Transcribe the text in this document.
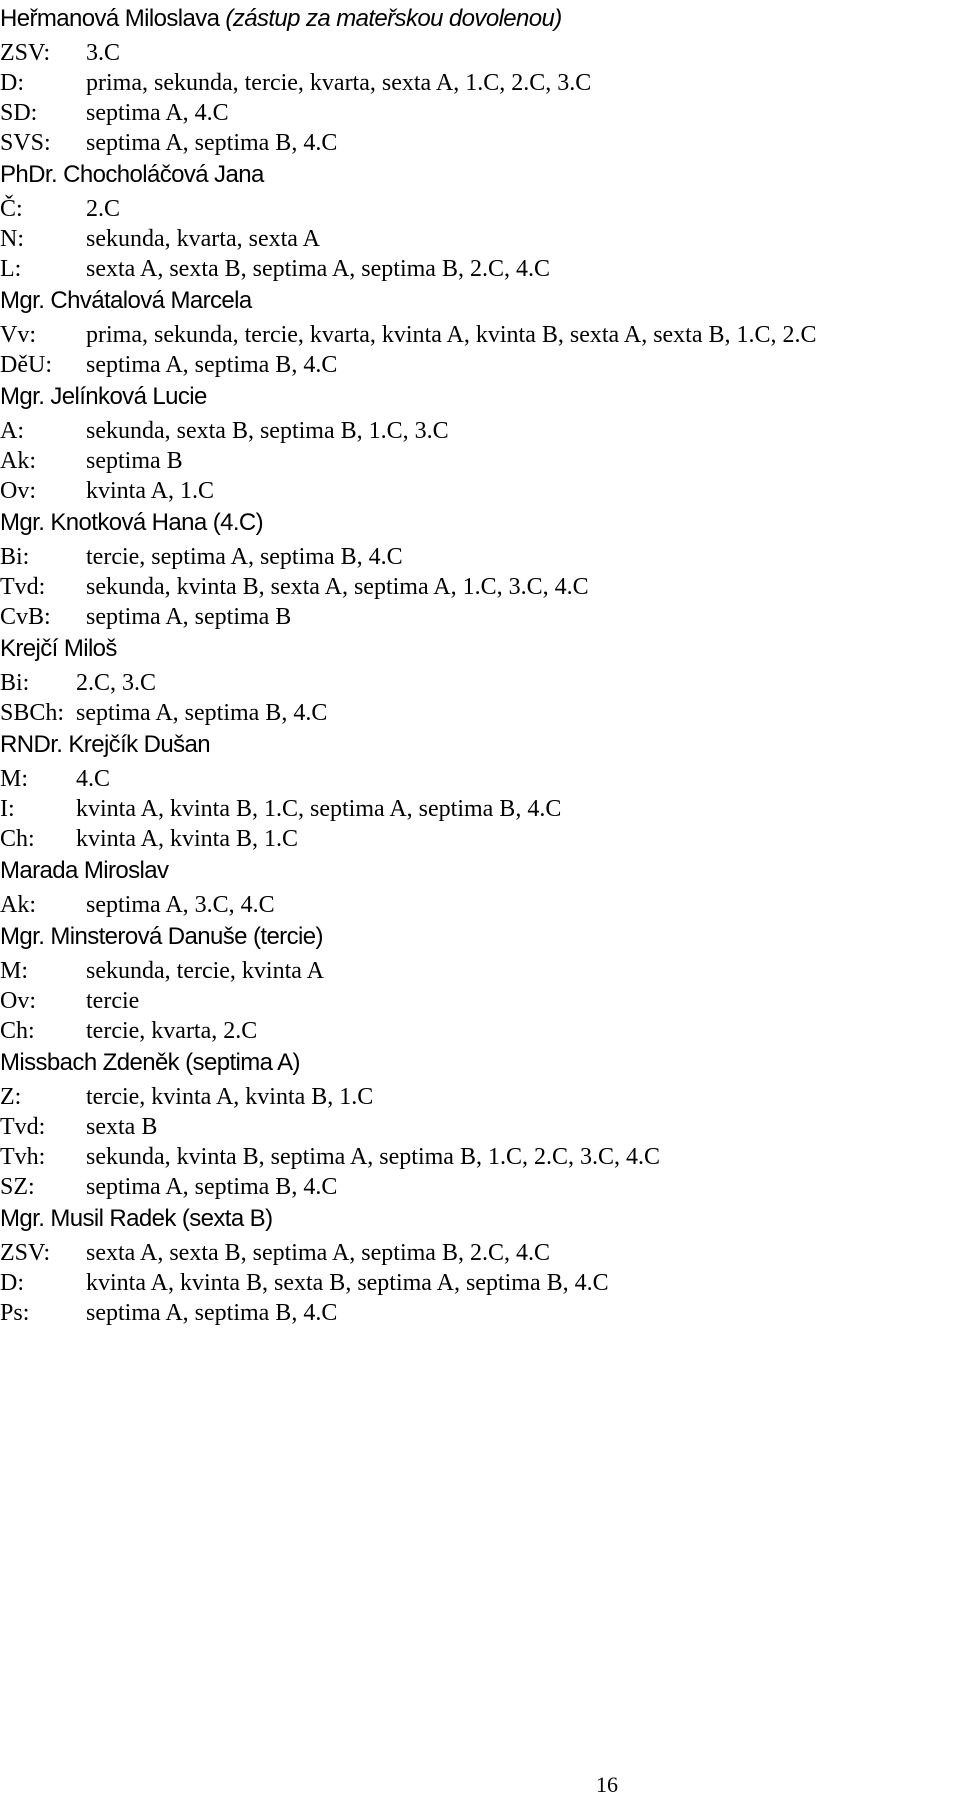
Heřmanová Miloslava (zástup za mateřskou dovolenou)
ZSV: 3.C
D:	prima, sekunda, tercie, kvarta, sexta A, 1.C, 2.C, 3.C
SD: septima A, 4.C
SVS: septima A, septima B, 4.C
PhDr. Chocholáčová Jana
Č:	2.C
N:	sekunda, kvarta, sexta A
L:	sexta A, sexta B, septima A, septima B, 2.C, 4.C
Mgr. Chvátalová Marcela
Vv: prima, sekunda, tercie, kvarta, kvinta A, kvinta B, sexta A, sexta B, 1.C, 2.C
DěU: septima A, septima B, 4.C
Mgr. Jelínková Lucie
A:	sekunda, sexta B, septima B, 1.C, 3.C
Ak: septima B
Ov: kvinta A, 1.C
Mgr. Knotková Hana (4.C)
Bi: tercie, septima A, septima B, 4.C
Tvd: sekunda, kvinta B, sexta A, septima A, 1.C, 3.C, 4.C
CvB: septima A, septima B
Krejčí Miloš
Bi: 2.C, 3.C
SBCh: septima A, septima B, 4.C
RNDr. Krejčík Dušan
M: 4.C
I:	kvinta A, kvinta B, 1.C, septima A, septima B, 4.C
Ch: kvinta A, kvinta B, 1.C
Marada Miroslav
Ak: septima A, 3.C, 4.C
Mgr. Minsterová Danuše (tercie)
M: sekunda, tercie, kvinta A
Ov: tercie
Ch: tercie, kvarta, 2.C
Missbach Zdeněk (septima A)
Z:	tercie, kvinta A, kvinta B, 1.C
Tvd: sexta B
Tvh: sekunda, kvinta B, septima A, septima B, 1.C, 2.C, 3.C, 4.C
SZ: septima A, septima B, 4.C
Mgr. Musil Radek (sexta B)
ZSV: sexta A, sexta B, septima A, septima B, 2.C, 4.C
D:	kvinta A, kvinta B, sexta B, septima A, septima B, 4.C
Ps: septima A, septima B, 4.C
16
